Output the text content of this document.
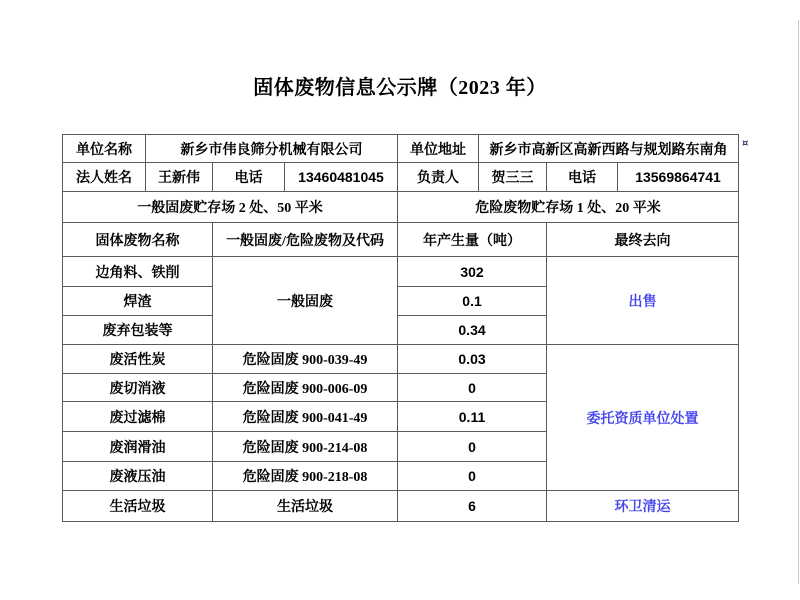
固体废物信息公示牌（2023 年）
单位名称	新乡市伟良筛分机械有限公司			单位地址	新乡市高新区高新西路与规划路东南角		
法人姓名	王新伟	电话	13460481045	负责人	贺三三	电话	13569864741
一般固废贮存场 2 处、50 平米				危险废物贮存场 1 处、20 平米			
固体废物名称		一般固废/危险废物及代码		年产生量（吨）		最终去向	
边角料、铁削		一般固废		302		出售	
焊渣				0.1			
废弃包装等				0.34			
废活性炭		危险固废 900-039-49		0.03		委托资质单位处置	
废切消液		危险固废 900-006-09		0			
废过滤棉		危险固废 900-041-49		0.11			
废润滑油		危险固废 900-214-08		0			
废液压油		危险固废 900-218-08		0			
生活垃圾		生活垃圾		6		环卫清运	
¤
